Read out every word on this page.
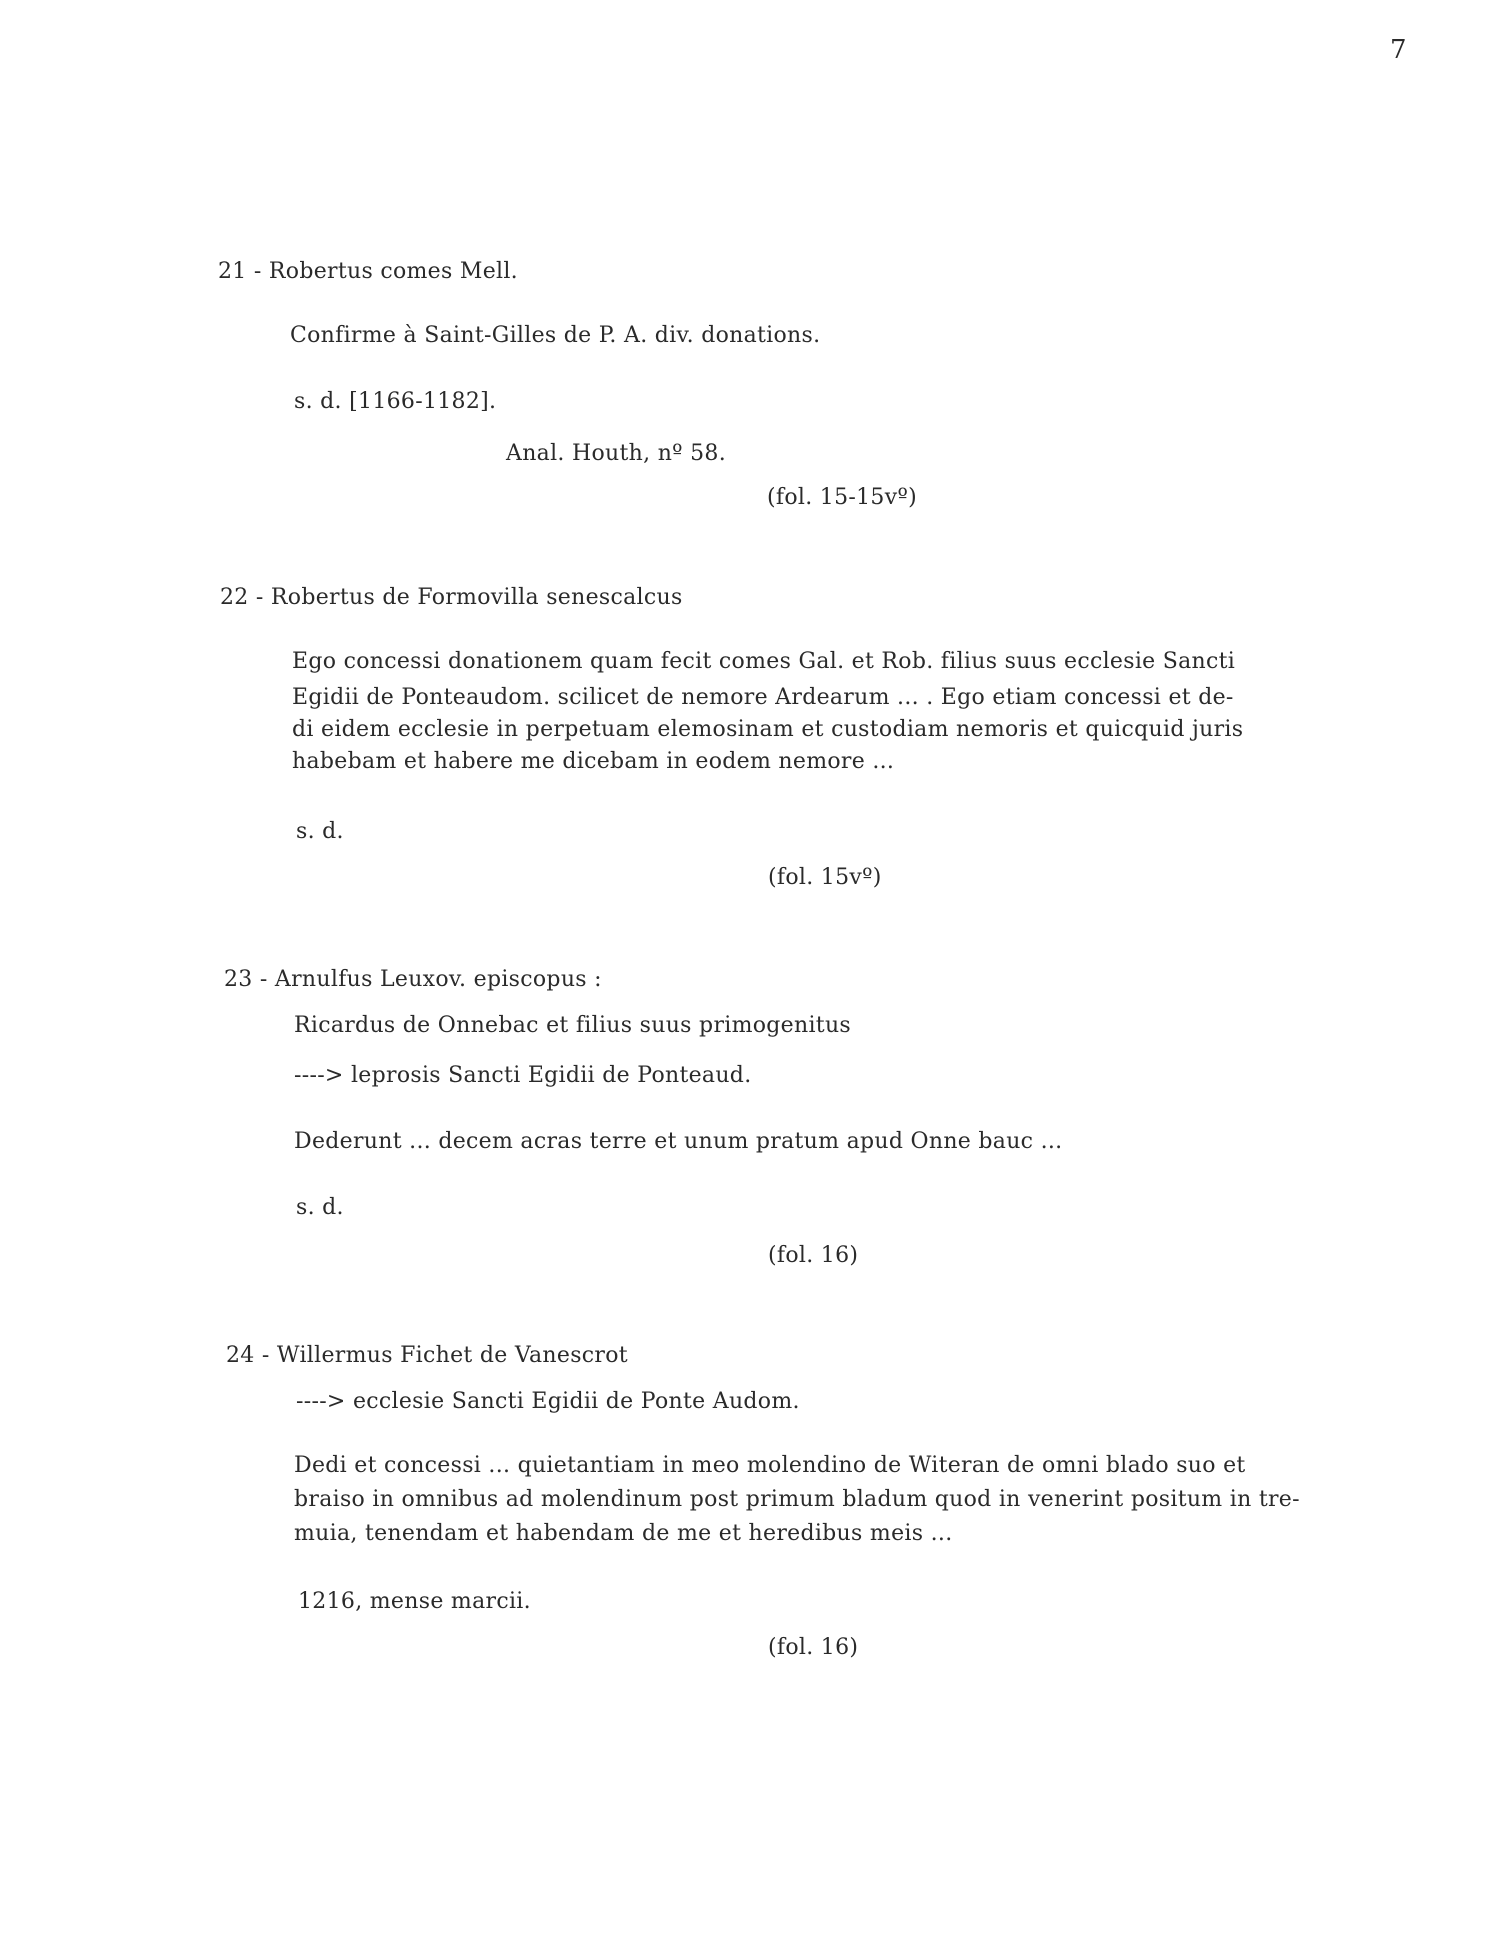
7
21 - Robertus comes Mell.
Confirme à Saint-Gilles de P. A. div. donations.
s. d. [1166-1182].
Anal. Houth, nº 58.
(fol. 15-15vº)
22 - Robertus de Formovilla senescalcus
Ego concessi donationem quam fecit comes Gal. et Rob. filius suus ecclesie Sancti
Egidii de Ponteaudom. scilicet de nemore Ardearum ... . Ego etiam concessi et de-
di eidem ecclesie in perpetuam elemosinam et custodiam nemoris et quicquid juris
habebam et habere me dicebam in eodem nemore ...
s. d.
(fol. 15vº)
23 - Arnulfus Leuxov. episcopus :
Ricardus de Onnebac et filius suus primogenitus
----> leprosis Sancti Egidii de Ponteaud.
Dederunt ... decem acras terre et unum pratum apud Onne bauc ...
s. d.
(fol. 16)
24 - Willermus Fichet de Vanescrot
----> ecclesie Sancti Egidii de Ponte Audom.
Dedi et concessi ... quietantiam in meo molendino de Witeran de omni blado suo et
braiso in omnibus ad molendinum post primum bladum quod in venerint positum in tre-
muia, tenendam et habendam de me et heredibus meis ...
1216, mense marcii.
(fol. 16)
